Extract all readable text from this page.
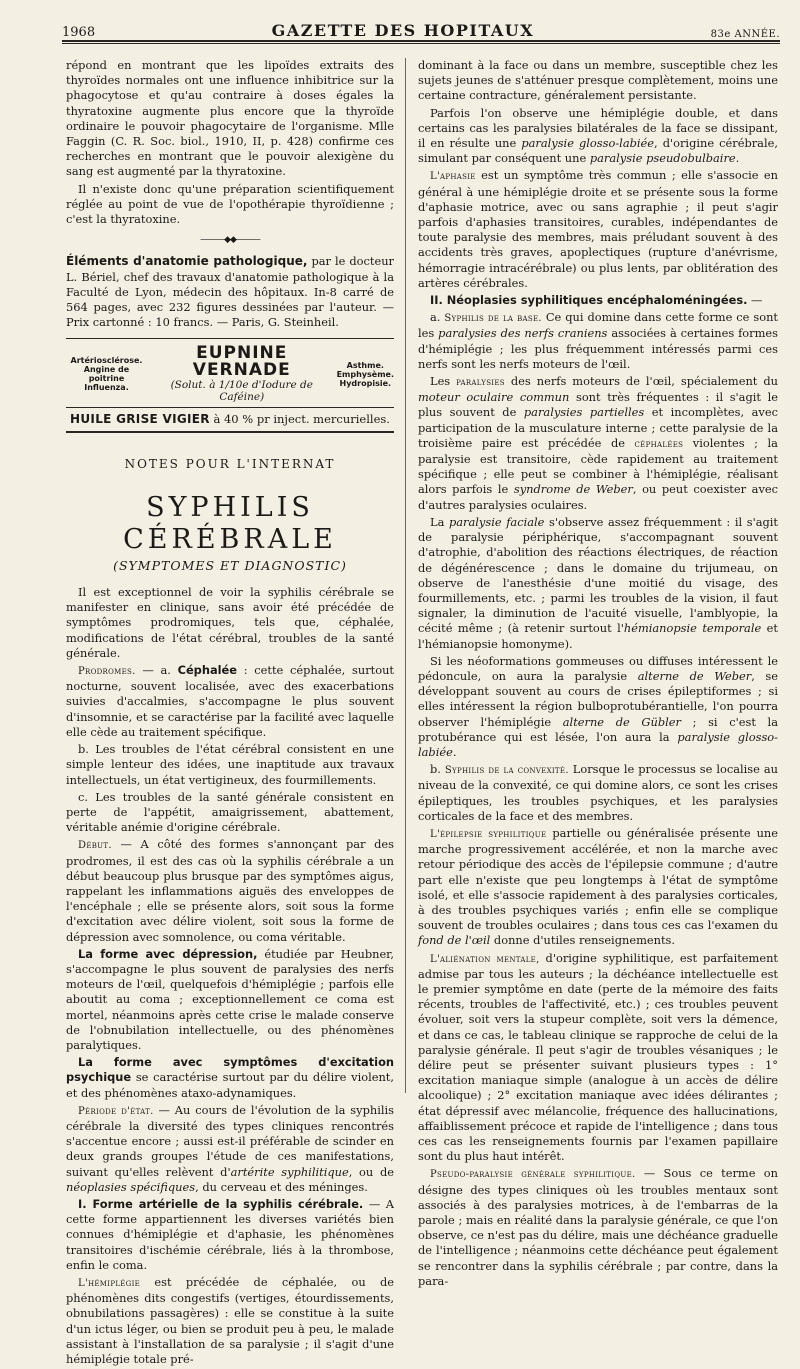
1968	GAZETTE DES HOPITAUX	83e ANNÉE.

répond en montrant que les lipoïdes extraits des thyroïdes normales ont une influence inhibitrice sur la phagocytose et qu'au contraire à doses égales la thyratoxine augmente plus encore que la thyroïde ordinaire le pouvoir phagocytaire de l'organisme. Mlle Faggin (C. R. Soc. biol., 1910, II, p. 428) confirme ces recherches en montrant que le pouvoir alexigène du sang est augmenté par la thyratoxine.

Il n'existe donc qu'une préparation scientifiquement réglée au point de vue de l'opothérapie thyroïdienne ; c'est la thyratoxine.

———◆◆———

Éléments d'anatomie pathologique, par le docteur L. Bériel, chef des travaux d'anatomie pathologique à la Faculté de Lyon, médecin des hôpitaux. In-8 carré de 564 pages, avec 232 figures dessinées par l'auteur. — Prix cartonné : 10 francs. — Paris, G. Steinheil.

Artériosclérose.
Angine de poitrine
Influenza.
EUPNINE VERNADE
(Solut. à 1/10e d'Iodure de Caféine)
Asthme.
Emphysème.
Hydropisie.
HUILE GRISE VIGIER à 40 % pr inject. mercurielles.
NOTES POUR L'INTERNAT
SYPHILIS CÉRÉBRALE
(SYMPTOMES ET DIAGNOSTIC)

Il est exceptionnel de voir la syphilis cérébrale se manifester en clinique, sans avoir été précédée de symptômes prodromiques, tels que, céphalée, modifications de l'état cérébral, troubles de la santé générale.

Prodromes. — a. Céphalée : cette céphalée, surtout nocturne, souvent localisée, avec des exacerbations suivies d'accalmies, s'accompagne le plus souvent d'insomnie, et se caractérise par la facilité avec laquelle elle cède au traitement spécifique.

b. Les troubles de l'état cérébral consistent en une simple lenteur des idées, une inaptitude aux travaux intellectuels, un état vertigineux, des fourmillements.

c. Les troubles de la santé générale consistent en perte de l'appétit, amaigrissement, abattement, véritable anémie d'origine cérébrale.

Début. — A côté des formes s'annonçant par des prodromes, il est des cas où la syphilis cérébrale a un début beaucoup plus brusque par des symptômes aigus, rappelant les inflammations aiguës des enveloppes de l'encéphale ; elle se présente alors, soit sous la forme d'excitation avec délire violent, soit sous la forme de dépression avec somnolence, ou coma véritable.

La forme avec dépression, étudiée par Heubner, s'accompagne le plus souvent de paralysies des nerfs moteurs de l'œil, quelquefois d'hémiplégie ; parfois elle aboutit au coma ; exceptionnellement ce coma est mortel, néanmoins après cette crise le malade conserve de l'obnubilation intellectuelle, ou des phénomènes paralytiques.

La forme avec symptômes d'excitation psychique se caractérise surtout par du délire violent, et des phénomènes ataxo-adynamiques.

Période d'état. — Au cours de l'évolution de la syphilis cérébrale la diversité des types cliniques rencontrés s'accentue encore ; aussi est-il préférable de scinder en deux grands groupes l'étude de ces manifestations, suivant qu'elles relèvent d'artérite syphilitique, ou de néoplasies spécifiques, du cerveau et des méninges.

I. Forme artérielle de la syphilis cérébrale. — A cette forme appartiennent les diverses variétés bien connues d'hémiplégie et d'aphasie, les phénomènes transitoires d'ischémie cérébrale, liés à la thrombose, enfin le coma.

L'hémiplégie est précédée de céphalée, ou de phénomènes dits congestifs (vertiges, étourdissements, obnubilations passagères) : elle se constitue à la suite d'un ictus léger, ou bien se produit peu à peu, le malade assistant à l'installation de sa paralysie ; il s'agit d'une hémiplégie totale pré-

dominant à la face ou dans un membre, susceptible chez les sujets jeunes de s'atténuer presque complètement, moins une certaine contracture, généralement persistante.

Parfois l'on observe une hémiplégie double, et dans certains cas les paralysies bilatérales de la face se dissipant, il en résulte une paralysie glosso-labiée, d'origine cérébrale, simulant par conséquent une paralysie pseudobulbaire.

L'aphasie est un symptôme très commun ; elle s'associe en général à une hémiplégie droite et se présente sous la forme d'aphasie motrice, avec ou sans agraphie ; il peut s'agir parfois d'aphasies transitoires, curables, indépendantes de toute paralysie des membres, mais préludant souvent à des accidents très graves, apoplectiques (rupture d'anévrisme, hémorragie intracérébrale) ou plus lents, par oblitération des artères cérébrales.

II. Néoplasies syphilitiques encéphaloméningées. —

a. Syphilis de la base. Ce qui domine dans cette forme ce sont les paralysies des nerfs craniens associées à certaines formes d'hémiplégie ; les plus fréquemment intéressés parmi ces nerfs sont les nerfs moteurs de l'œil.

Les paralysies des nerfs moteurs de l'œil, spécialement du moteur oculaire commun sont très fréquentes : il s'agit le plus souvent de paralysies partielles et incomplètes, avec participation de la musculature interne ; cette paralysie de la troisième paire est précédée de céphalées violentes ; la paralysie est transitoire, cède rapidement au traitement spécifique ; elle peut se combiner à l'hémiplégie, réalisant alors parfois le syndrome de Weber, ou peut coexister avec d'autres paralysies oculaires.

La paralysie faciale s'observe assez fréquemment : il s'agit de paralysie périphérique, s'accompagnant souvent d'atrophie, d'abolition des réactions électriques, de réaction de dégénérescence ; dans le domaine du trijumeau, on observe de l'anesthésie d'une moitié du visage, des fourmillements, etc. ; parmi les troubles de la vision, il faut signaler, la diminution de l'acuité visuelle, l'amblyopie, la cécité même ; (à retenir surtout l'hémianopsie temporale et l'hémianopsie homonyme).

Si les néoformations gommeuses ou diffuses intéressent le pédoncule, on aura la paralysie alterne de Weber, se développant souvent au cours de crises épileptiformes ; si elles intéressent la région bulboprotubérantielle, l'on pourra observer l'hémiplégie alterne de Gübler ; si c'est la protubérance qui est lésée, l'on aura la paralysie glosso-labiée.

b. Syphilis de la convexité. Lorsque le processus se localise au niveau de la convexité, ce qui domine alors, ce sont les crises épileptiques, les troubles psychiques, et les paralysies corticales de la face et des membres.

L'épilepsie syphilitique partielle ou généralisée présente une marche progressivement accélérée, et non la marche avec retour périodique des accès de l'épilepsie commune ; d'autre part elle n'existe que peu longtemps à l'état de symptôme isolé, et elle s'associe rapidement à des paralysies corticales, à des troubles psychiques variés ; enfin elle se complique souvent de troubles oculaires ; dans tous ces cas l'examen du fond de l'œil donne d'utiles renseignements.

L'aliénation mentale, d'origine syphilitique, est parfaitement admise par tous les auteurs ; la déchéance intellectuelle est le premier symptôme en date (perte de la mémoire des faits récents, troubles de l'affectivité, etc.) ; ces troubles peuvent évoluer, soit vers la stupeur complète, soit vers la démence, et dans ce cas, le tableau clinique se rapproche de celui de la paralysie générale. Il peut s'agir de troubles vésaniques ; le délire peut se présenter suivant plusieurs types : 1° excitation maniaque simple (analogue à un accès de délire alcoolique) ; 2° excitation maniaque avec idées délirantes ; état dépressif avec mélancolie, fréquence des hallucinations, affaiblissement précoce et rapide de l'intelligence ; dans tous ces cas les renseignements fournis par l'examen papillaire sont du plus haut intérêt.

Pseudo-paralysie générale syphilitique. — Sous ce terme on désigne des types cliniques où les troubles mentaux sont associés à des paralysies motrices, à de l'embarras de la parole ; mais en réalité dans la paralysie générale, ce que l'on observe, ce n'est pas du délire, mais une déchéance graduelle de l'intelligence ; néanmoins cette déchéance peut également se rencontrer dans la syphilis cérébrale ; par contre, dans la para-
